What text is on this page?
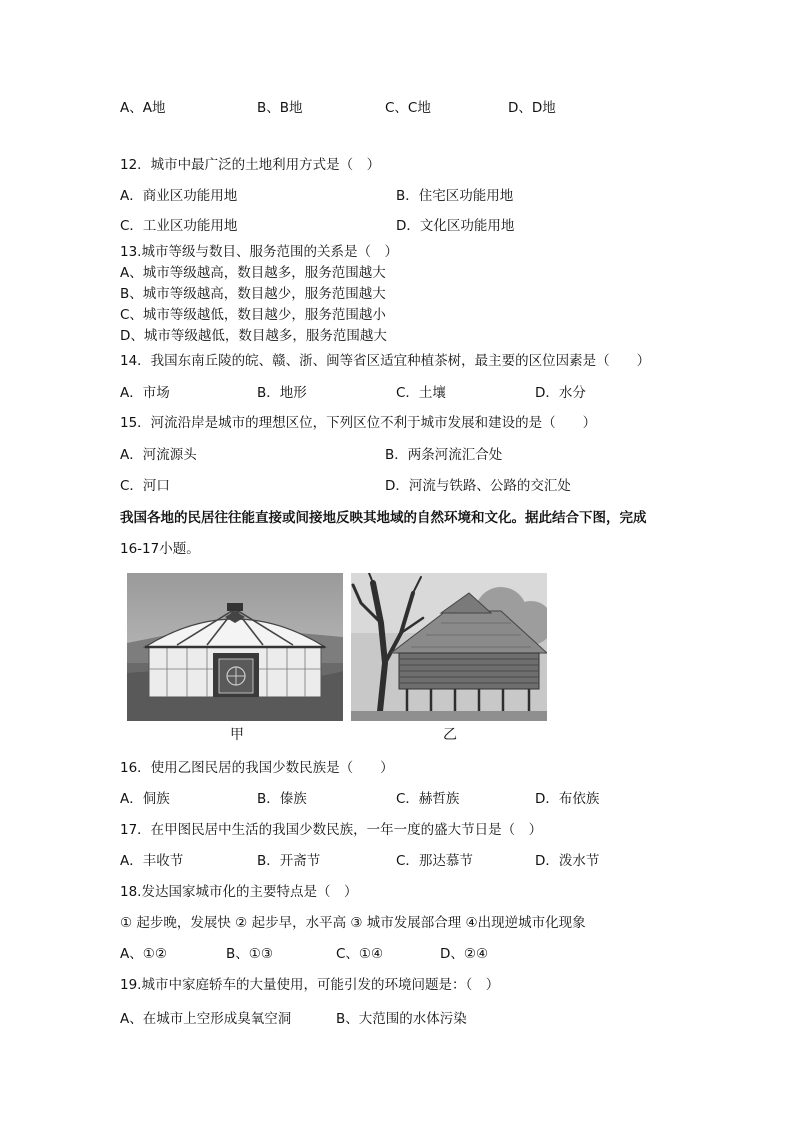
A、A地	B、B地	C、C地	D、D地
12．城市中最广泛的土地利用方式是（　）
A．商业区功能用地	B．住宅区功能用地
C．工业区功能用地	D．文化区功能用地
13.城市等级与数目、服务范围的关系是（　）
A、城市等级越高，数目越多，服务范围越大
B、城市等级越高，数目越少，服务范围越大
C、城市等级越低，数目越少，服务范围越小
D、城市等级越低，数目越多，服务范围越大
14．我国东南丘陵的皖、赣、浙、闽等省区适宜种植茶树，最主要的区位因素是（　　）
A．市场	B．地形	C．土壤	D．水分
15．河流沿岸是城市的理想区位，下列区位不利于城市发展和建设的是（　　）
A．河流源头	B．两条河流汇合处
C．河口	D．河流与铁路、公路的交汇处
我国各地的民居往往能直接或间接地反映其地域的自然环境和文化。据此结合下图，完成
16-17小题。
甲	乙
16．使用乙图民居的我国少数民族是（　　）
A．侗族	B．傣族	C．赫哲族	D．布依族
17．在甲图民居中生活的我国少数民族，一年一度的盛大节日是（　）
A．丰收节	B．开斋节	C．那达慕节	D．泼水节
18.发达国家城市化的主要特点是（　）
① 起步晚，发展快 ② 起步早，水平高 ③ 城市发展部合理 ④出现逆城市化现象
A、①②	B、①③	C、①④	D、②④
19.城市中家庭轿车的大量使用，可能引发的环境问题是：（　）
A、在城市上空形成臭氧空洞	B、大范围的水体污染
